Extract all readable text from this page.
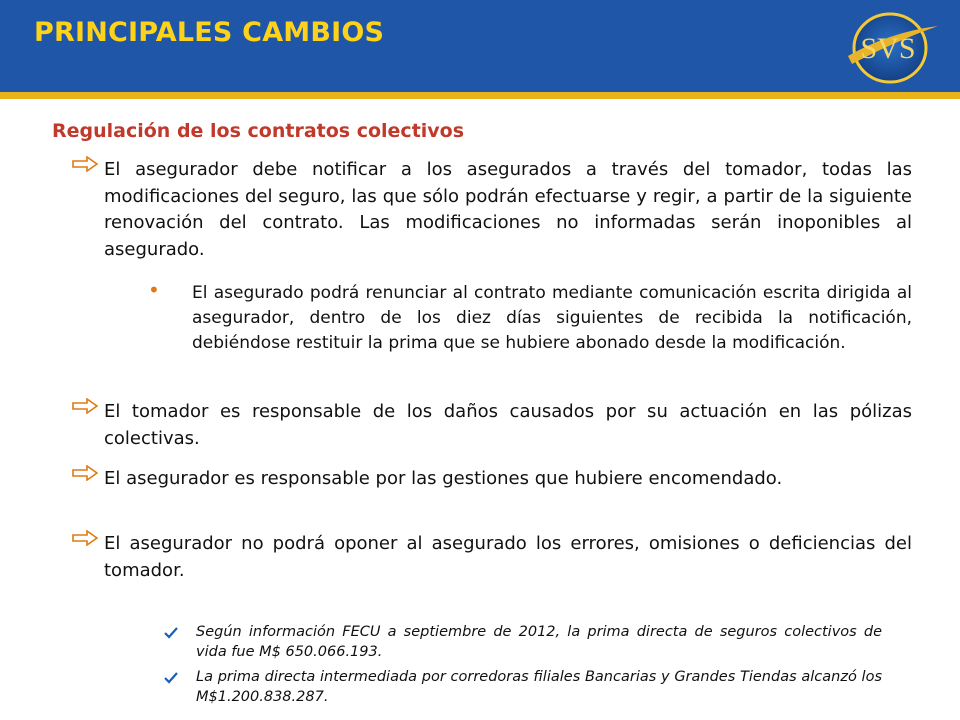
PRINCIPALES CAMBIOS	SVS
Regulación de los contratos colectivos
El asegurador debe notificar a los asegurados a través del tomador, todas las modificaciones del seguro, las que sólo podrán efectuarse y regir, a partir de la siguiente renovación del contrato. Las modificaciones no informadas serán inoponibles al asegurado.
• El asegurado podrá renunciar al contrato mediante comunicación escrita dirigida al asegurador, dentro de los diez días siguientes de recibida la notificación, debiéndose restituir la prima que se hubiere abonado desde la modificación.
El tomador es responsable de los daños causados por su actuación en las pólizas colectivas.
El asegurador es responsable por las gestiones que hubiere encomendado.
El asegurador no podrá oponer al asegurado los errores, omisiones o deficiencias del tomador.
Según información FECU a septiembre de 2012, la prima directa de seguros colectivos de vida fue M$ 650.066.193.
La prima directa intermediada por corredoras filiales Bancarias y Grandes Tiendas alcanzó los M$1.200.838.287.
